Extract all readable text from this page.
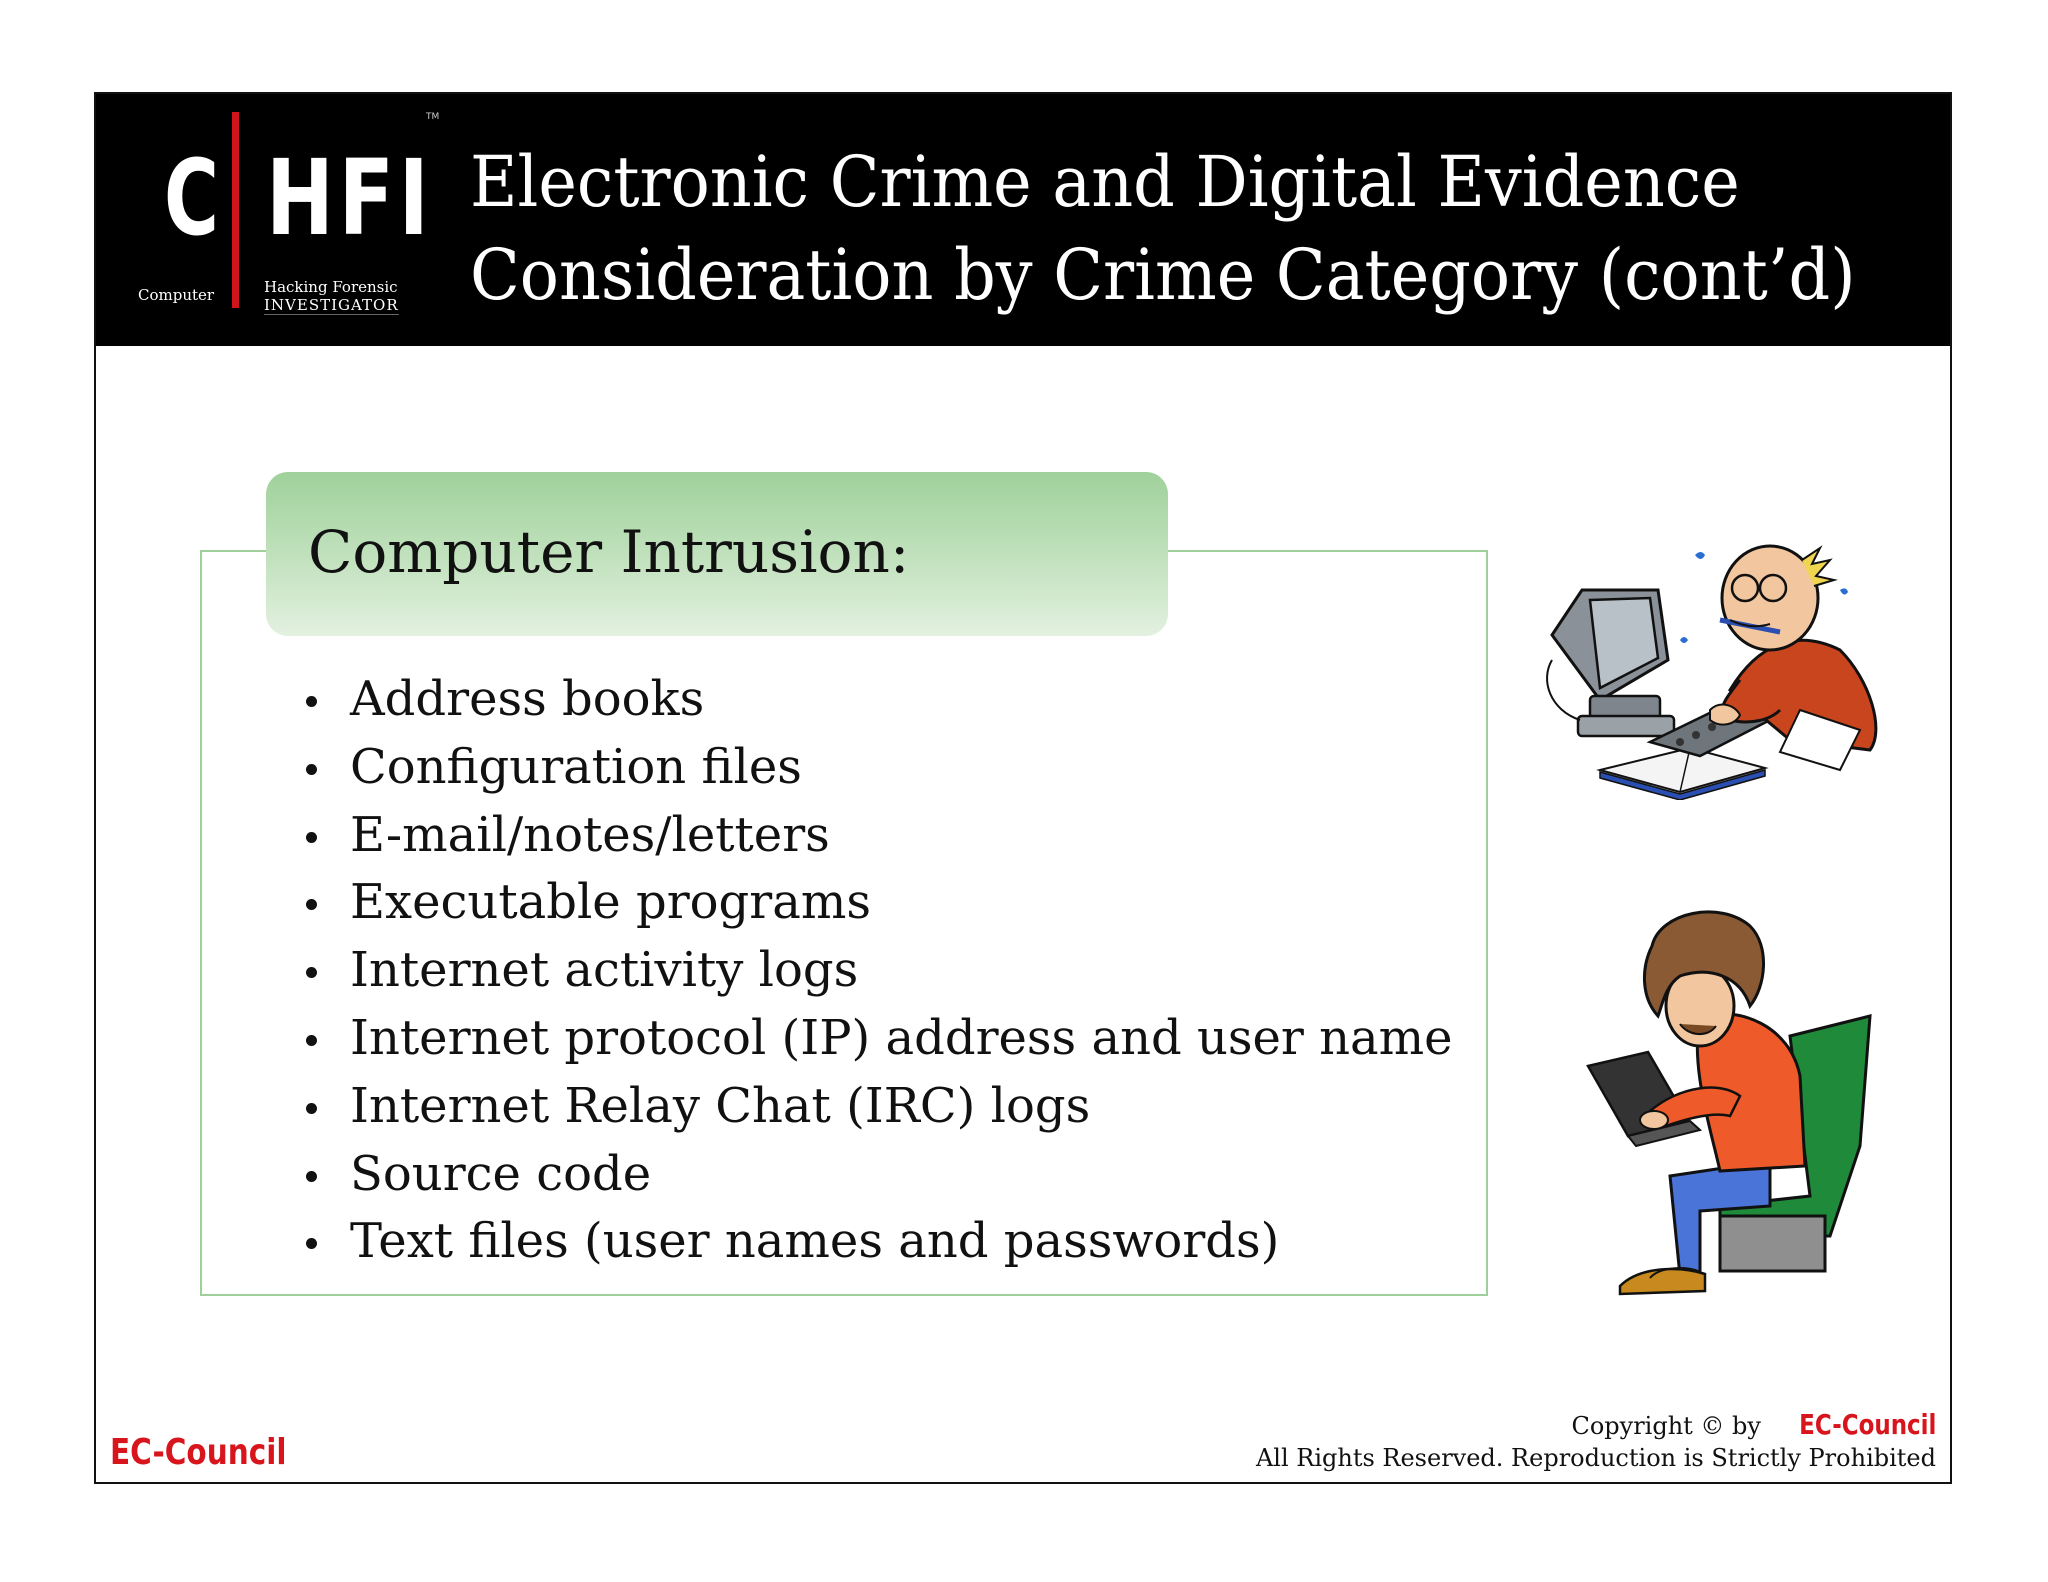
C HFI
TM
Computer	Hacking Forensic
INVESTIGATOR
Electronic Crime and Digital Evidence
Consideration by Crime Category (cont’d)
Computer Intrusion:
Address books
Configuration files
E-mail/notes/letters
Executable programs
Internet activity logs
Internet protocol (IP) address and user name
Internet Relay Chat (IRC) logs
Source code
Text files (user names and passwords)
EC-Council
Copyright © by EC-Council
All Rights Reserved. Reproduction is Strictly Prohibited
